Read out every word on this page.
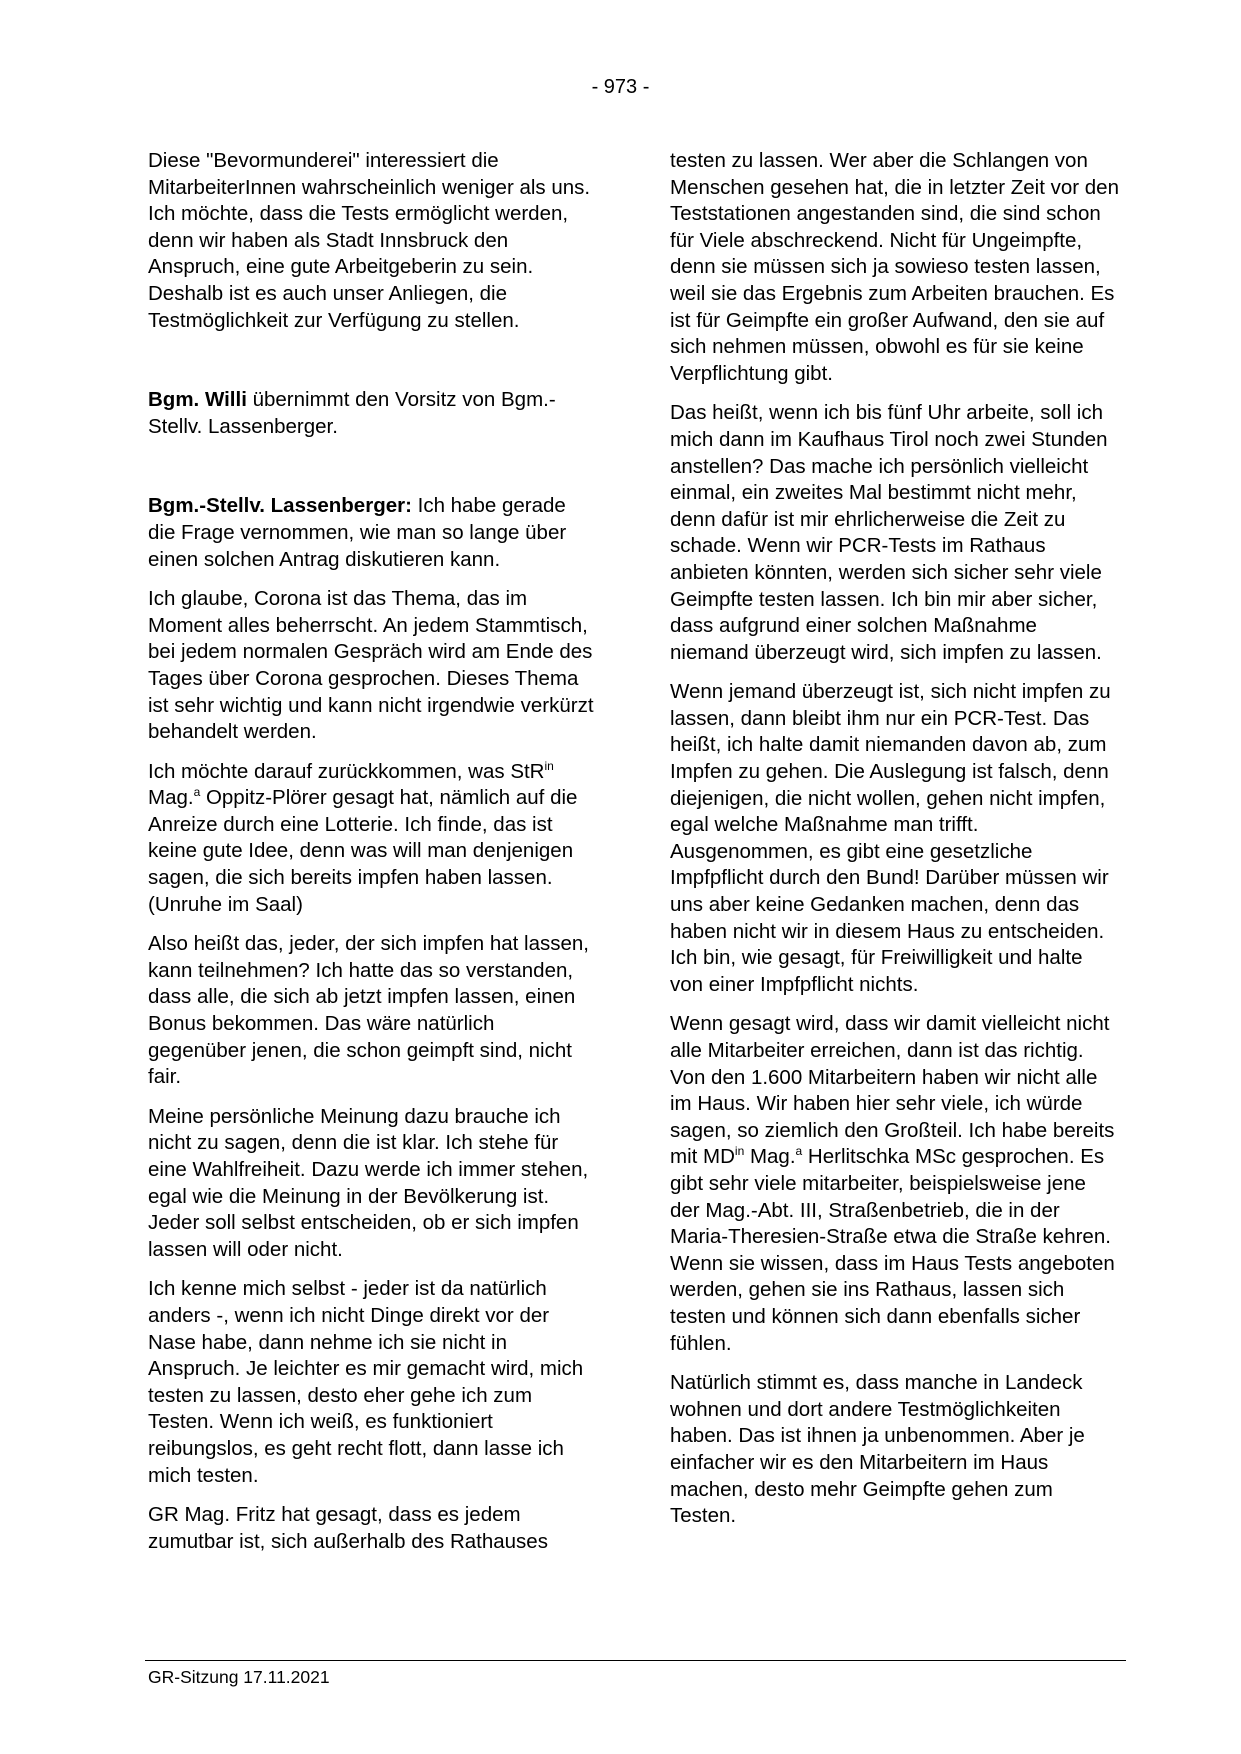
- 973 -

Diese "Bevormunderei" interessiert die MitarbeiterInnen wahrscheinlich weniger als uns. Ich möchte, dass die Tests ermöglicht werden, denn wir haben als Stadt Innsbruck den Anspruch, eine gute Arbeitgeberin zu sein. Deshalb ist es auch unser Anliegen, die Testmöglichkeit zur Verfügung zu stellen.

Bgm. Willi übernimmt den Vorsitz von Bgm.-Stellv. Lassenberger.

Bgm.-Stellv. Lassenberger: Ich habe gerade die Frage vernommen, wie man so lange über einen solchen Antrag diskutieren kann.

Ich glaube, Corona ist das Thema, das im Moment alles beherrscht. An jedem Stammtisch, bei jedem normalen Gespräch wird am Ende des Tages über Corona gesprochen. Dieses Thema ist sehr wichtig und kann nicht irgendwie verkürzt behandelt werden.

Ich möchte darauf zurückkommen, was StR$^{in}$ Mag.$^a$ Oppitz-Plörer gesagt hat, nämlich auf die Anreize durch eine Lotterie. Ich finde, das ist keine gute Idee, denn was will man denjenigen sagen, die sich bereits impfen haben lassen. (Unruhe im Saal)

Also heißt das, jeder, der sich impfen hat lassen, kann teilnehmen? Ich hatte das so verstanden, dass alle, die sich ab jetzt impfen lassen, einen Bonus bekommen. Das wäre natürlich gegenüber jenen, die schon geimpft sind, nicht fair.

Meine persönliche Meinung dazu brauche ich nicht zu sagen, denn die ist klar. Ich stehe für eine Wahlfreiheit. Dazu werde ich immer stehen, egal wie die Meinung in der Bevölkerung ist. Jeder soll selbst entscheiden, ob er sich impfen lassen will oder nicht.

Ich kenne mich selbst - jeder ist da natürlich anders -, wenn ich nicht Dinge direkt vor der Nase habe, dann nehme ich sie nicht in Anspruch. Je leichter es mir gemacht wird, mich testen zu lassen, desto eher gehe ich zum Testen. Wenn ich weiß, es funktioniert reibungslos, es geht recht flott, dann lasse ich mich testen.

GR Mag. Fritz hat gesagt, dass es jedem zumutbar ist, sich außerhalb des Rathauses

testen zu lassen. Wer aber die Schlangen von Menschen gesehen hat, die in letzter Zeit vor den Teststationen angestanden sind, die sind schon für Viele abschreckend. Nicht für Ungeimpfte, denn sie müssen sich ja sowieso testen lassen, weil sie das Ergebnis zum Arbeiten brauchen. Es ist für Geimpfte ein großer Aufwand, den sie auf sich nehmen müssen, obwohl es für sie keine Verpflichtung gibt.

Das heißt, wenn ich bis fünf Uhr arbeite, soll ich mich dann im Kaufhaus Tirol noch zwei Stunden anstellen? Das mache ich persönlich vielleicht einmal, ein zweites Mal bestimmt nicht mehr, denn dafür ist mir ehrlicherweise die Zeit zu schade. Wenn wir PCR-Tests im Rathaus anbieten könnten, werden sich sicher sehr viele Geimpfte testen lassen. Ich bin mir aber sicher, dass aufgrund einer solchen Maßnahme niemand überzeugt wird, sich impfen zu lassen.

Wenn jemand überzeugt ist, sich nicht impfen zu lassen, dann bleibt ihm nur ein PCR-Test. Das heißt, ich halte damit niemanden davon ab, zum Impfen zu gehen. Die Auslegung ist falsch, denn diejenigen, die nicht wollen, gehen nicht impfen, egal welche Maßnahme man trifft. Ausgenommen, es gibt eine gesetzliche Impfpflicht durch den Bund! Darüber müssen wir uns aber keine Gedanken machen, denn das haben nicht wir in diesem Haus zu entscheiden. Ich bin, wie gesagt, für Freiwilligkeit und halte von einer Impfpflicht nichts.

Wenn gesagt wird, dass wir damit vielleicht nicht alle Mitarbeiter erreichen, dann ist das richtig. Von den 1.600 Mitarbeitern haben wir nicht alle im Haus. Wir haben hier sehr viele, ich würde sagen, so ziemlich den Großteil. Ich habe bereits mit $MD^{in}$ Mag.$^a$ Herlitschka MSc gesprochen. Es gibt sehr viele mitarbeiter, beispielsweise jene der Mag.-Abt. III, Straßenbetrieb, die in der Maria-Theresien-Straße etwa die Straße kehren. Wenn sie wissen, dass im Haus Tests angeboten werden, gehen sie ins Rathaus, lassen sich testen und können sich dann ebenfalls sicher fühlen.

Natürlich stimmt es, dass manche in Landeck wohnen und dort andere Testmöglichkeiten haben. Das ist ihnen ja unbenommen. Aber je einfacher wir es den Mitarbeitern im Haus machen, desto mehr Geimpfte gehen zum Testen.

GR-Sitzung 17.11.2021
